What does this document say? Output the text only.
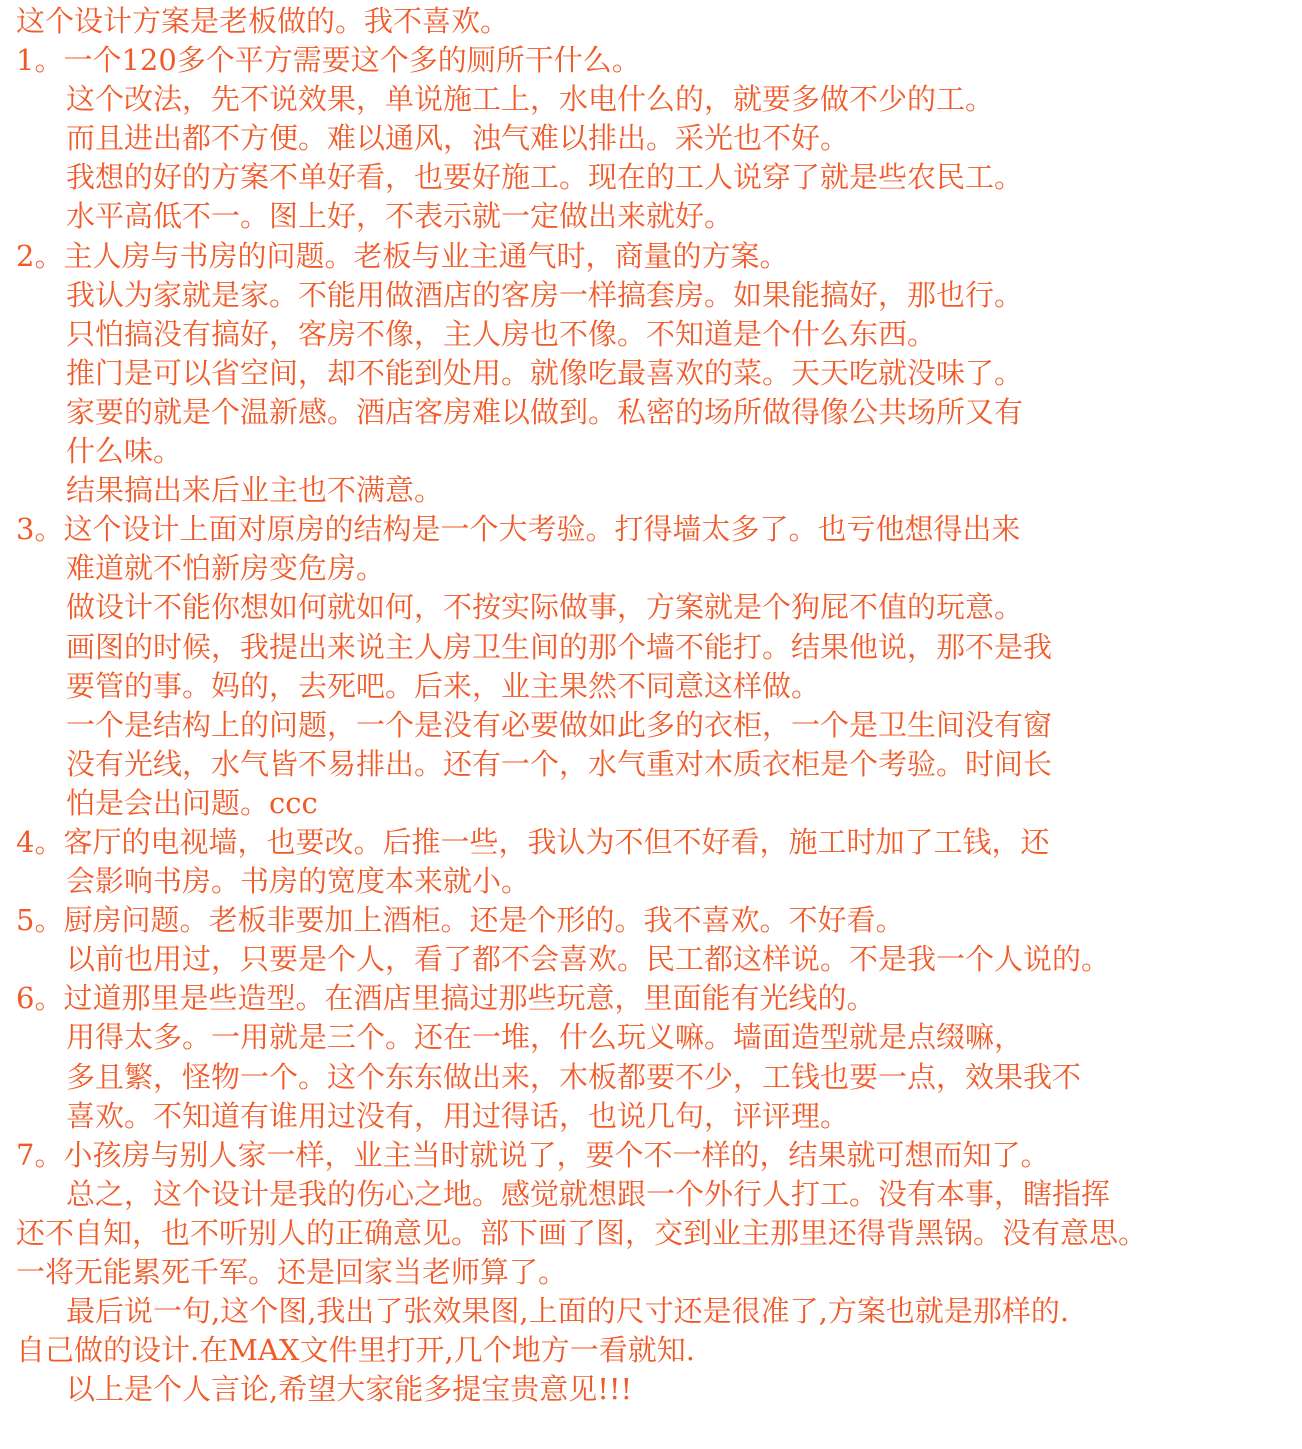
这个设计方案是老板做的。我不喜欢。
1。一个120多个平方需要这个多的厕所干什么。
这个改法，先不说效果，单说施工上，水电什么的，就要多做不少的工。
而且进出都不方便。难以通风，浊气难以排出。采光也不好。
我想的好的方案不单好看，也要好施工。现在的工人说穿了就是些农民工。
水平高低不一。图上好，不表示就一定做出来就好。
2。主人房与书房的问题。老板与业主通气时，商量的方案。
我认为家就是家。不能用做酒店的客房一样搞套房。如果能搞好，那也行。
只怕搞没有搞好，客房不像，主人房也不像。不知道是个什么东西。
推门是可以省空间，却不能到处用。就像吃最喜欢的菜。天天吃就没味了。
家要的就是个温新感。酒店客房难以做到。私密的场所做得像公共场所又有
什么味。
结果搞出来后业主也不满意。
3。这个设计上面对原房的结构是一个大考验。打得墙太多了。也亏他想得出来
难道就不怕新房变危房。
做设计不能你想如何就如何，不按实际做事，方案就是个狗屁不值的玩意。
画图的时候，我提出来说主人房卫生间的那个墙不能打。结果他说，那不是我
要管的事。妈的，去死吧。后来，业主果然不同意这样做。
一个是结构上的问题，一个是没有必要做如此多的衣柜，一个是卫生间没有窗
没有光线，水气皆不易排出。还有一个，水气重对木质衣柜是个考验。时间长
怕是会出问题。ccc
4。客厅的电视墙，也要改。后推一些，我认为不但不好看，施工时加了工钱，还
会影响书房。书房的宽度本来就小。
5。厨房问题。老板非要加上酒柜。还是个形的。我不喜欢。不好看。
以前也用过，只要是个人，看了都不会喜欢。民工都这样说。不是我一个人说的。
6。过道那里是些造型。在酒店里搞过那些玩意，里面能有光线的。
用得太多。一用就是三个。还在一堆，什么玩义嘛。墙面造型就是点缀嘛，
多且繁，怪物一个。这个东东做出来，木板都要不少，工钱也要一点，效果我不
喜欢。不知道有谁用过没有，用过得话，也说几句，评评理。
7。小孩房与别人家一样，业主当时就说了，要个不一样的，结果就可想而知了。
总之，这个设计是我的伤心之地。感觉就想跟一个外行人打工。没有本事，瞎指挥
还不自知，也不听别人的正确意见。部下画了图，交到业主那里还得背黑锅。没有意思。
一将无能累死千军。还是回家当老师算了。
最后说一句,这个图,我出了张效果图,上面的尺寸还是很准了,方案也就是那样的.
自己做的设计.在MAX文件里打开,几个地方一看就知.
以上是个人言论,希望大家能多提宝贵意见!!!
